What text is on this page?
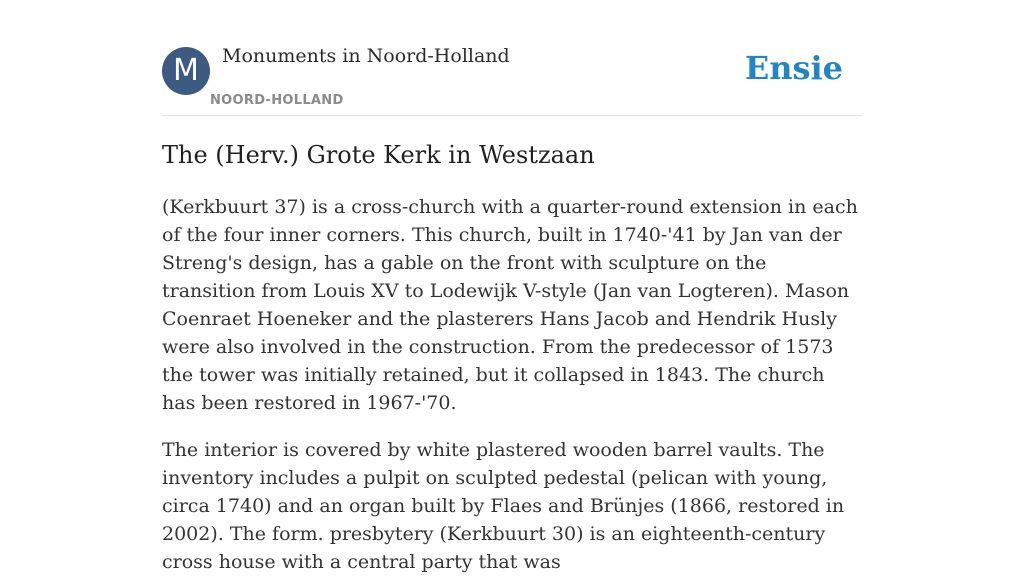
M	Monuments in Noord-Holland
NOORD-HOLLAND
Ensie
The (Herv.) Grote Kerk in Westzaan

(Kerkbuurt 37) is a cross-church with a quarter-round extension in each of the four inner corners. This church, built in 1740-'41 by Jan van der Streng's design, has a gable on the front with sculpture on the transition from Louis XV to Lodewijk V-style (Jan van Logteren). Mason Coenraet Hoeneker and the plasterers Hans Jacob and Hendrik Husly were also involved in the construction. From the predecessor of 1573 the tower was initially retained, but it collapsed in 1843. The church has been restored in 1967-'70.

The interior is covered by white plastered wooden barrel vaults. The inventory includes a pulpit on sculpted pedestal (pelican with young, circa 1740) and an organ built by Flaes and Brünjes (1866, restored in 2002). The form. presbytery (Kerkbuurt 30) is an eighteenth-century cross house with a central party that was
